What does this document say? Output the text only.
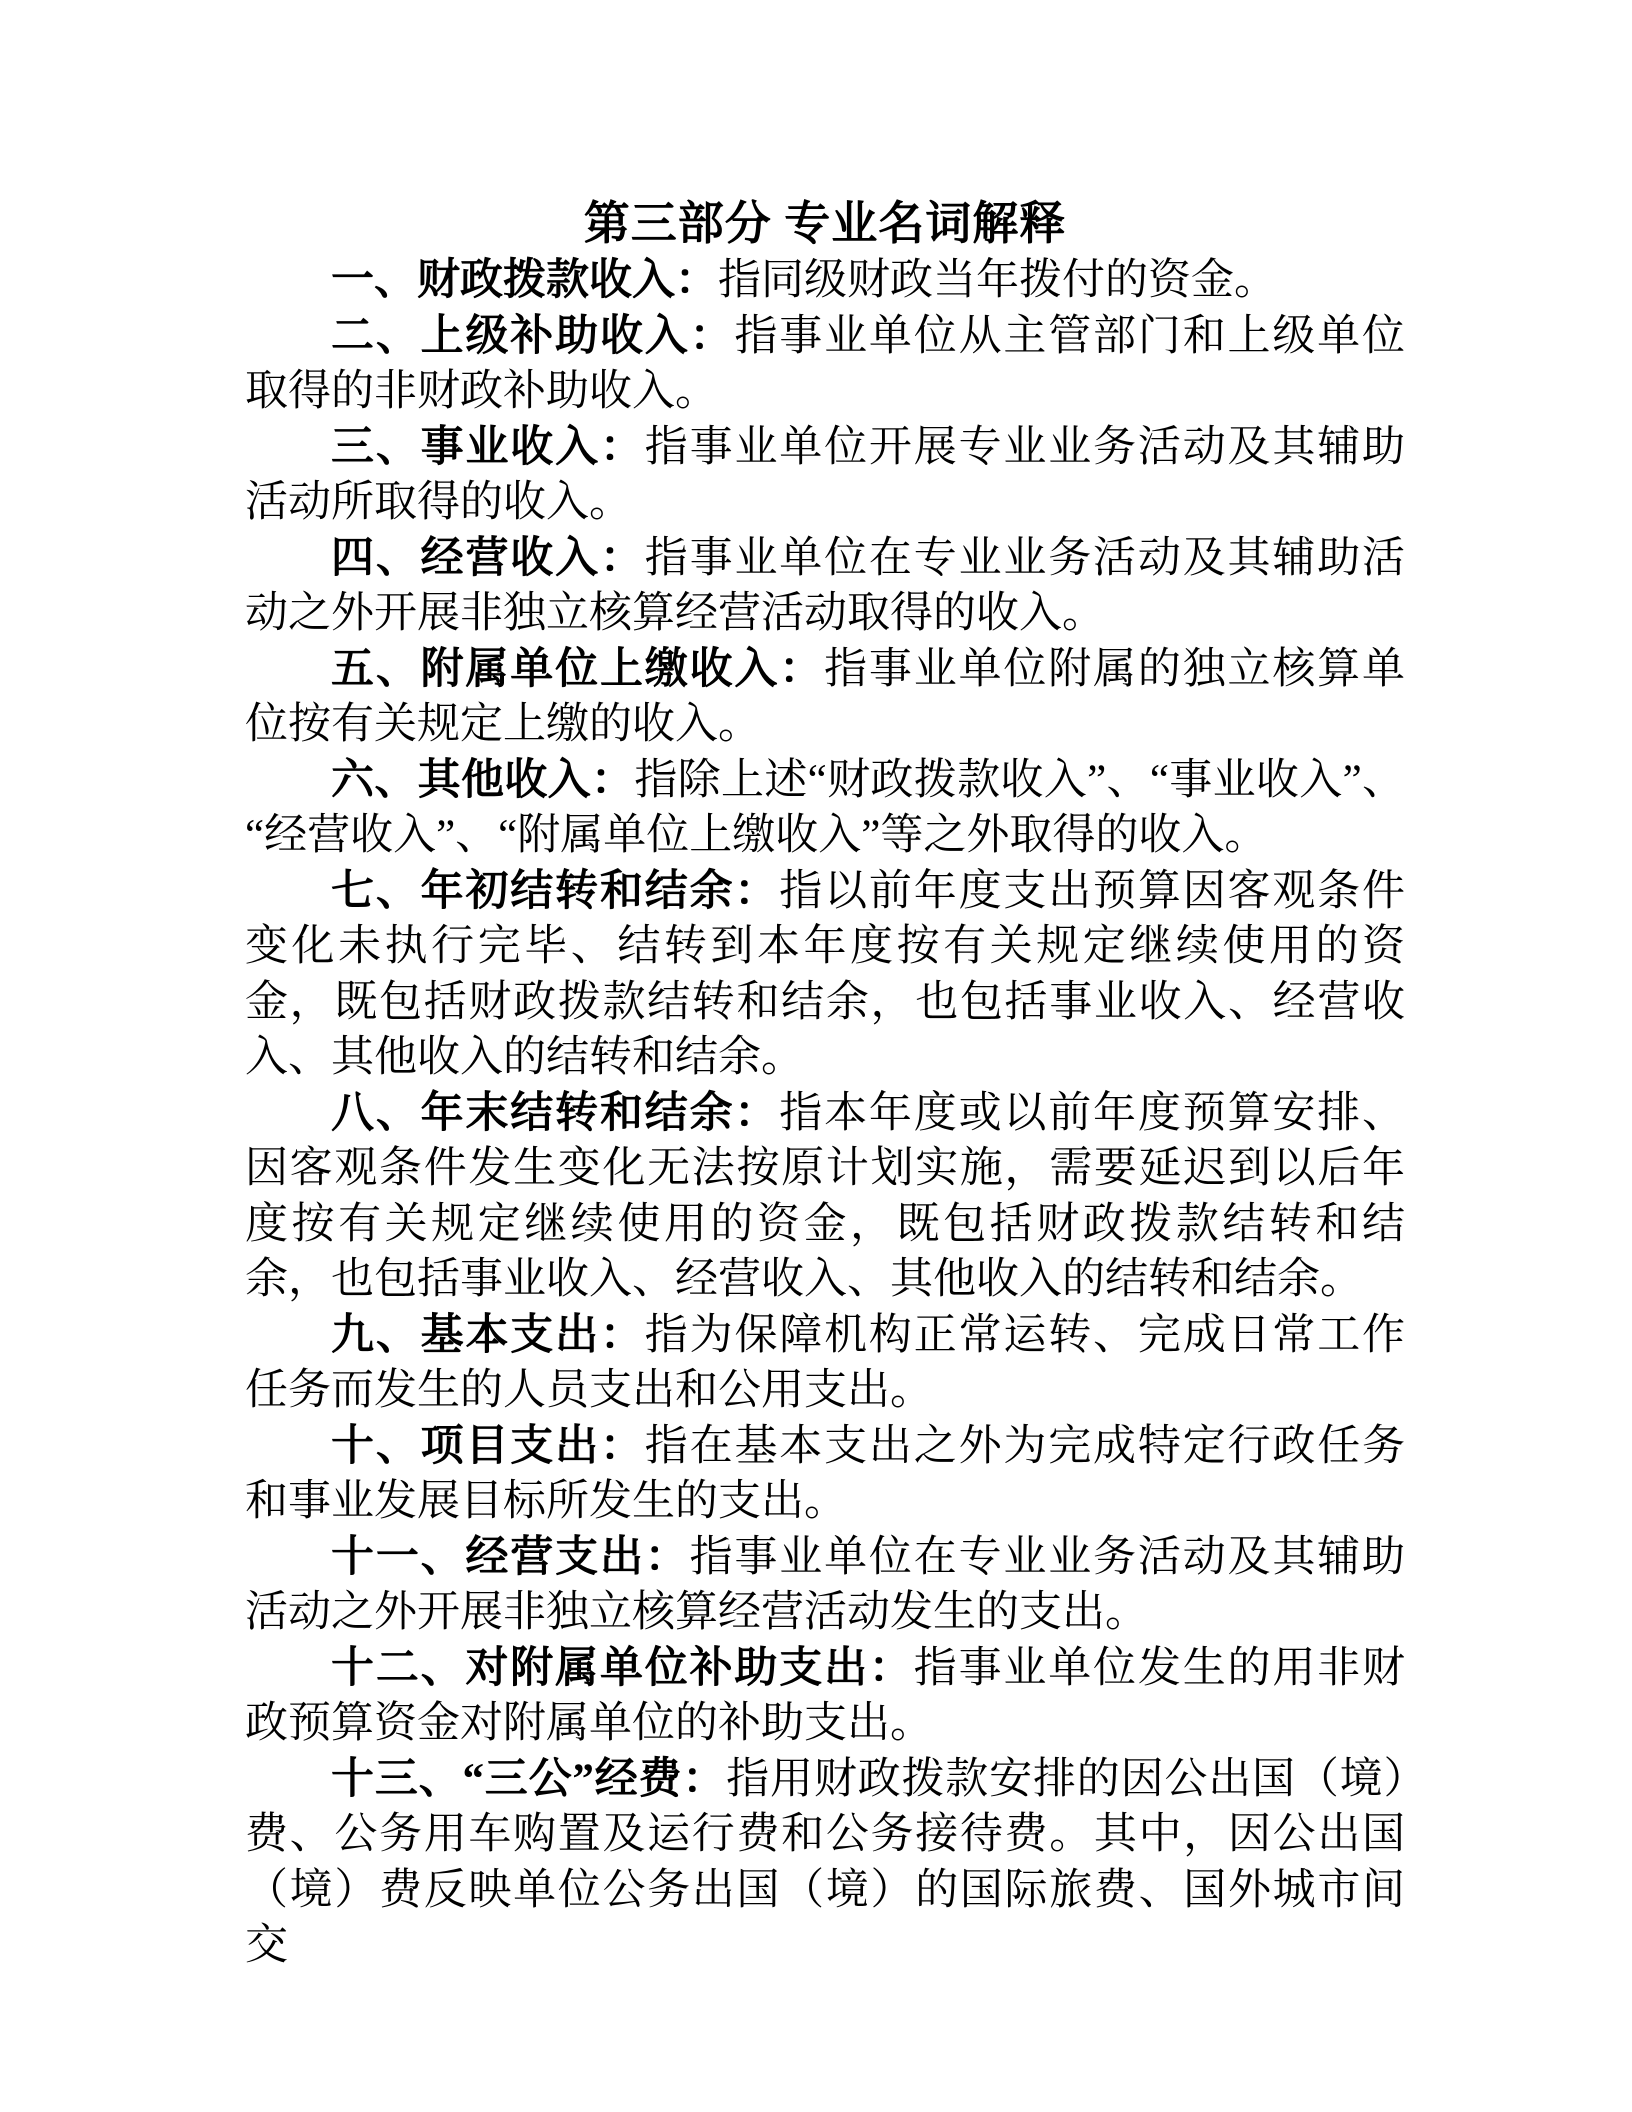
第三部分 专业名词解释

一、财政拨款收入：指同级财政当年拨付的资金。

二、上级补助收入：指事业单位从主管部门和上级单位取得的非财政补助收入。

三、事业收入：指事业单位开展专业业务活动及其辅助活动所取得的收入。

四、经营收入：指事业单位在专业业务活动及其辅助活动之外开展非独立核算经营活动取得的收入。

五、附属单位上缴收入：指事业单位附属的独立核算单位按有关规定上缴的收入。

六、其他收入：指除上述“财政拨款收入”、“事业收入”、“经营收入”、“附属单位上缴收入”等之外取得的收入。

七、年初结转和结余：指以前年度支出预算因客观条件变化未执行完毕、结转到本年度按有关规定继续使用的资金，既包括财政拨款结转和结余，也包括事业收入、经营收入、其他收入的结转和结余。

八、年末结转和结余：指本年度或以前年度预算安排、因客观条件发生变化无法按原计划实施，需要延迟到以后年度按有关规定继续使用的资金，既包括财政拨款结转和结余，也包括事业收入、经营收入、其他收入的结转和结余。

九、基本支出：指为保障机构正常运转、完成日常工作任务而发生的人员支出和公用支出。

十、项目支出：指在基本支出之外为完成特定行政任务和事业发展目标所发生的支出。

十一、经营支出：指事业单位在专业业务活动及其辅助活动之外开展非独立核算经营活动发生的支出。

十二、对附属单位补助支出：指事业单位发生的用非财政预算资金对附属单位的补助支出。

十三、“三公”经费：指用财政拨款安排的因公出国（境）费、公务用车购置及运行费和公务接待费。其中，因公出国（境）费反映单位公务出国（境）的国际旅费、国外城市间交
